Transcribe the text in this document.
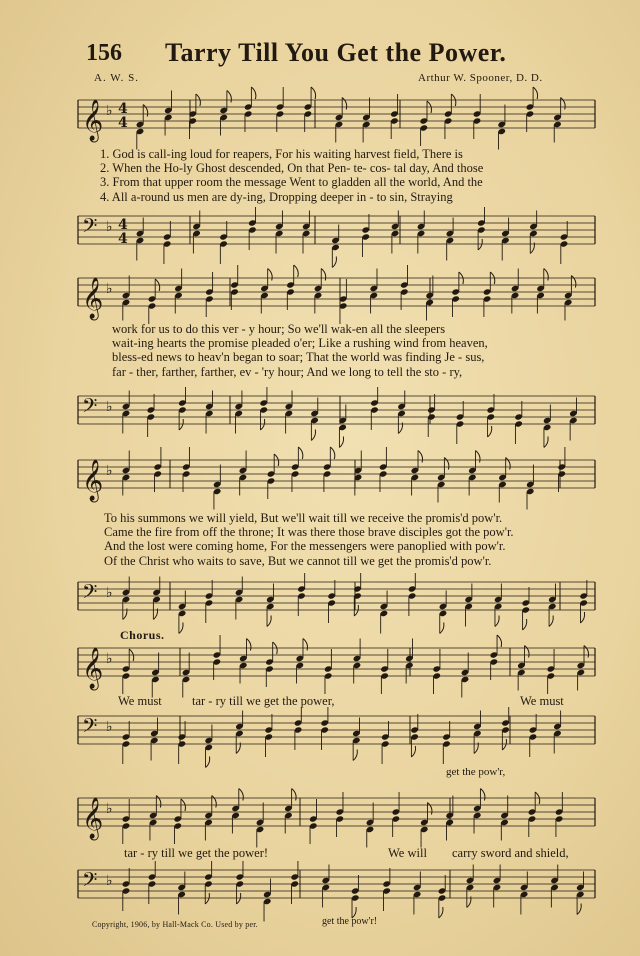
156 Tarry Till You Get the Power.
A. W. S.	Arthur W. Spooner, D. D.
𝄞 ♭ 4
4
1. God is call-ing loud for reapers, For his waiting harvest field, There is
2. When the Ho-ly Ghost descended, On that Pen- te- cos- tal day, And those
3. From that upper room the message Went to gladden all the world, And the
4. All a-round us men are dy-ing, Dropping deeper in - to sin, Straying
𝄢 ♭ 4
4
𝄞 ♭
work for us to do this ver - y hour; So we'll wak-en all the sleepers
wait-ing hearts the promise pleaded o'er; Like a rushing wind from heaven,
bless-ed news to heav'n began to soar; That the world was finding Je - sus,
far - ther, farther, farther, ev - 'ry hour; And we long to tell the sto - ry,
𝄢 ♭
𝄞 ♭
To his summons we will yield, But we'll wait till we receive the promis'd pow'r.
Came the fire from off the throne; It was there those brave disciples got the pow'r.
And the lost were coming home, For the messengers were panoplied with pow'r.
Of the Christ who waits to save, But we cannot till we get the promis'd pow'r.
𝄢 ♭
Chorus.
𝄞 ♭
We must tar - ry till we get the power,	We must
𝄢 ♭
get the pow'r,
𝄞 ♭
tar - ry till we get the power!	We will carry sword and shield,
𝄢 ♭
get the pow'r!
Copyright, 1906, by Hall-Mack Co. Used by per.
